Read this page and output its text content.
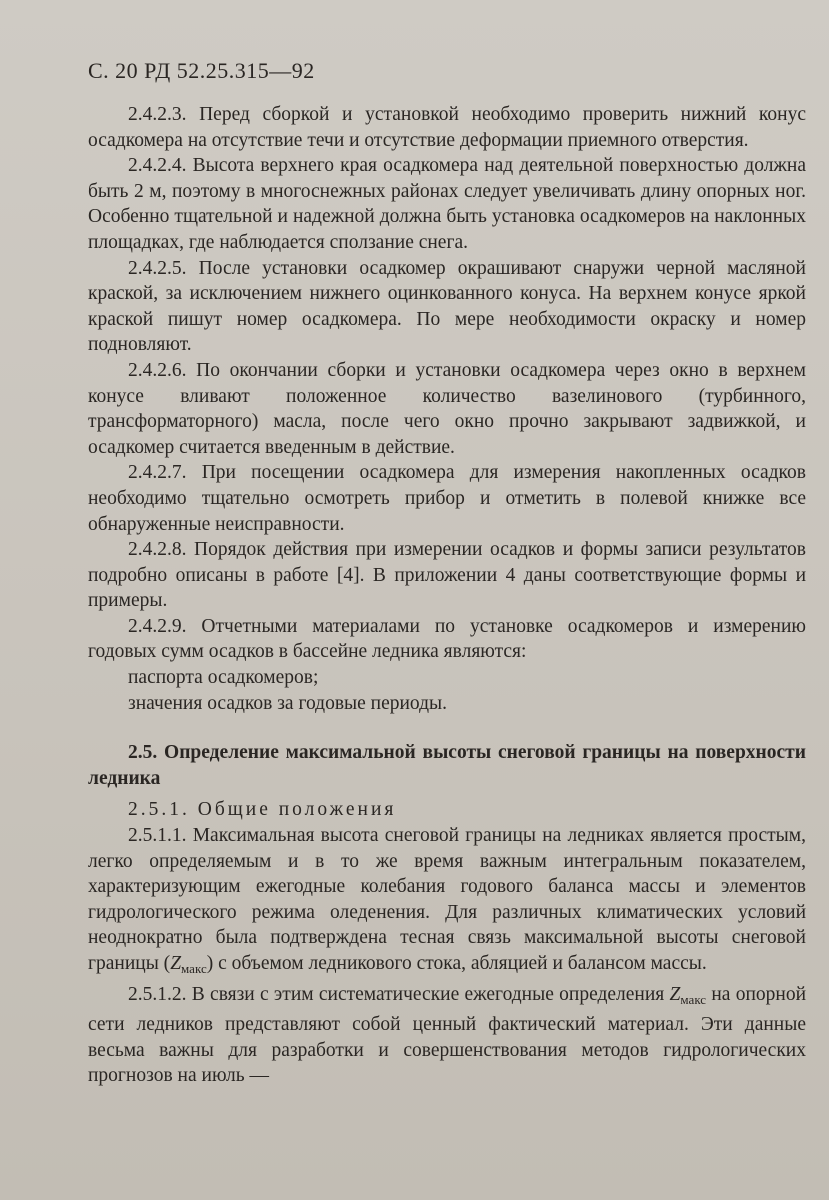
С. 20 РД 52.25.315—92

2.4.2.3. Перед сборкой и установкой необходимо проверить нижний конус осадкомера на отсутствие течи и отсутствие деформации приемного отверстия.

2.4.2.4. Высота верхнего края осадкомера над деятельной поверхностью должна быть 2 м, поэтому в многоснежных районах следует увеличивать длину опорных ног. Особенно тщательной и надежной должна быть установка осадкомеров на наклонных площадках, где наблюдается сползание снега.

2.4.2.5. После установки осадкомер окрашивают снаружи черной масляной краской, за исключением нижнего оцинкованного конуса. На верхнем конусе яркой краской пишут номер осадкомера. По мере необходимости окраску и номер подновляют.

2.4.2.6. По окончании сборки и установки осадкомера через окно в верхнем конусе вливают положенное количество вазелинового (турбинного, трансформаторного) масла, после чего окно прочно закрывают задвижкой, и осадкомер считается введенным в действие.

2.4.2.7. При посещении осадкомера для измерения накопленных осадков необходимо тщательно осмотреть прибор и отметить в полевой книжке все обнаруженные неисправности.

2.4.2.8. Порядок действия при измерении осадков и формы записи результатов подробно описаны в работе [4]. В приложении 4 даны соответствующие формы и примеры.

2.4.2.9. Отчетными материалами по установке осадкомеров и измерению годовых сумм осадков в бассейне ледника являются:

паспорта осадкомеров;

значения осадков за годовые периоды.

2.5. Определение максимальной высоты снеговой границы на поверхности ледника

2.5.1. Общие положения

2.5.1.1. Максимальная высота снеговой границы на ледниках является простым, легко определяемым и в то же время важным интегральным показателем, характеризующим ежегодные колебания годового баланса массы и элементов гидрологического режима оледенения. Для различных климатических условий неоднократно была подтверждена тесная связь максимальной высоты снеговой границы $(Z_{макс})$ с объемом ледникового стока, абляцией и балансом массы.

2.5.1.2. В связи с этим систематические ежегодные определения $Z_{макс}$ на опорной сети ледников представляют собой ценный фактический материал. Эти данные весьма важны для разработки и совершенствования методов гидрологических прогнозов на июль —
